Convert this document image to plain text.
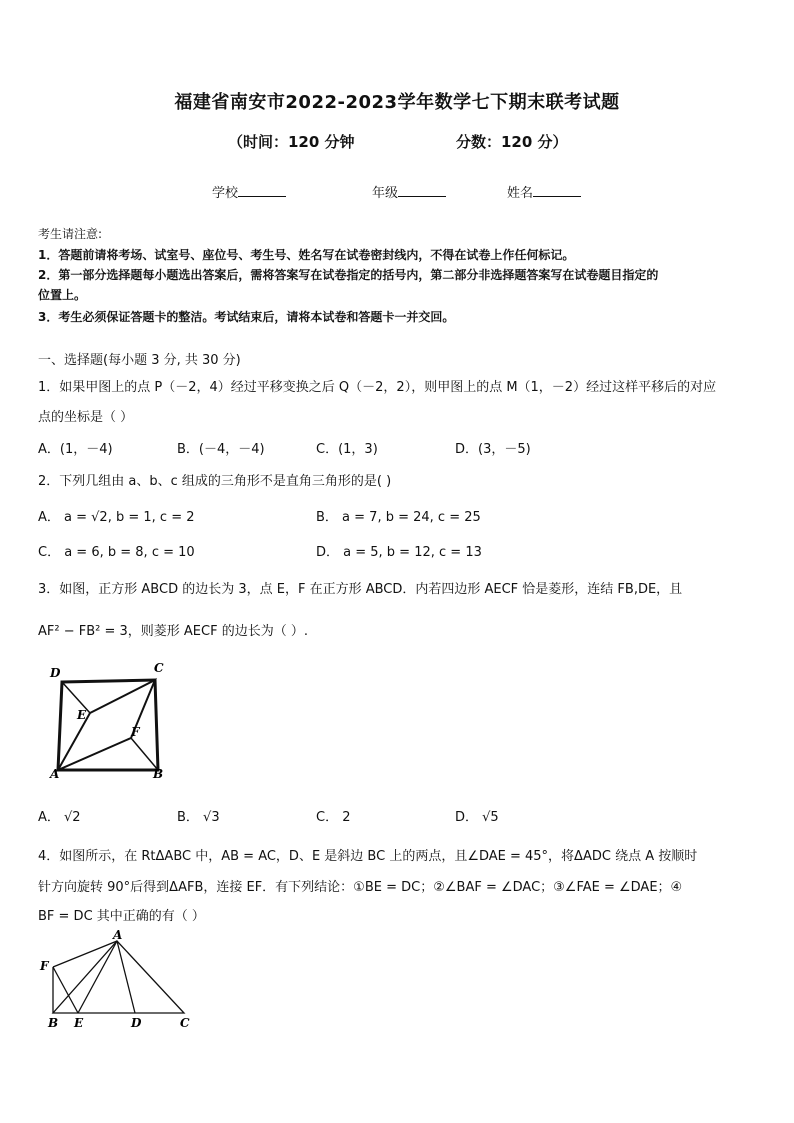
福建省南安市2022-2023学年数学七下期末联考试题
（时间：120 分钟	分数：120 分）
学校	年级	姓名
考生请注意:
1．答题前请将考场、试室号、座位号、考生号、姓名写在试卷密封线内，不得在试卷上作任何标记。
2．第一部分选择题每小题选出答案后，需将答案写在试卷指定的括号内，第二部分非选择题答案写在试卷题目指定的
位置上。
3．考生必须保证答题卡的整洁。考试结束后，请将本试卷和答题卡一并交回。
一、选择题(每小题 3 分, 共 30 分)
1．如果甲图上的点 P（－2，4）经过平移变换之后 Q（－2，2），则甲图上的点 M（1，－2）经过这样平移后的对应
点的坐标是（ ）
A．(1，－4)	B．(－4，－4)	C．(1，3)	D．(3，－5)
2．下列几组由 a、b、c 组成的三角形不是直角三角形的是( )
A． a = √2, b = 1, c = 2	B． a = 7, b = 24, c = 25
C． a = 6, b = 8, c = 10	D． a = 5, b = 12, c = 13
3．如图，正方形 ABCD 的边长为 3，点 E，F 在正方形 ABCD．内若四边形 AECF 恰是菱形，连结 FB,DE，且
AF² − FB² = 3，则菱形 AECF 的边长为（ ）.
D	C
E
F
A	B
A． √2	B． √3	C． 2	D． √5
4．如图所示，在 RtΔABC 中，AB = AC，D、E 是斜边 BC 上的两点，且∠DAE = 45°，将ΔADC 绕点 A 按顺时
针方向旋转 90°后得到ΔAFB，连接 EF．有下列结论：①BE = DC；②∠BAF = ∠DAC；③∠FAE = ∠DAE；④
BF = DC 其中正确的有（ ）
A
F
B E	D	C
